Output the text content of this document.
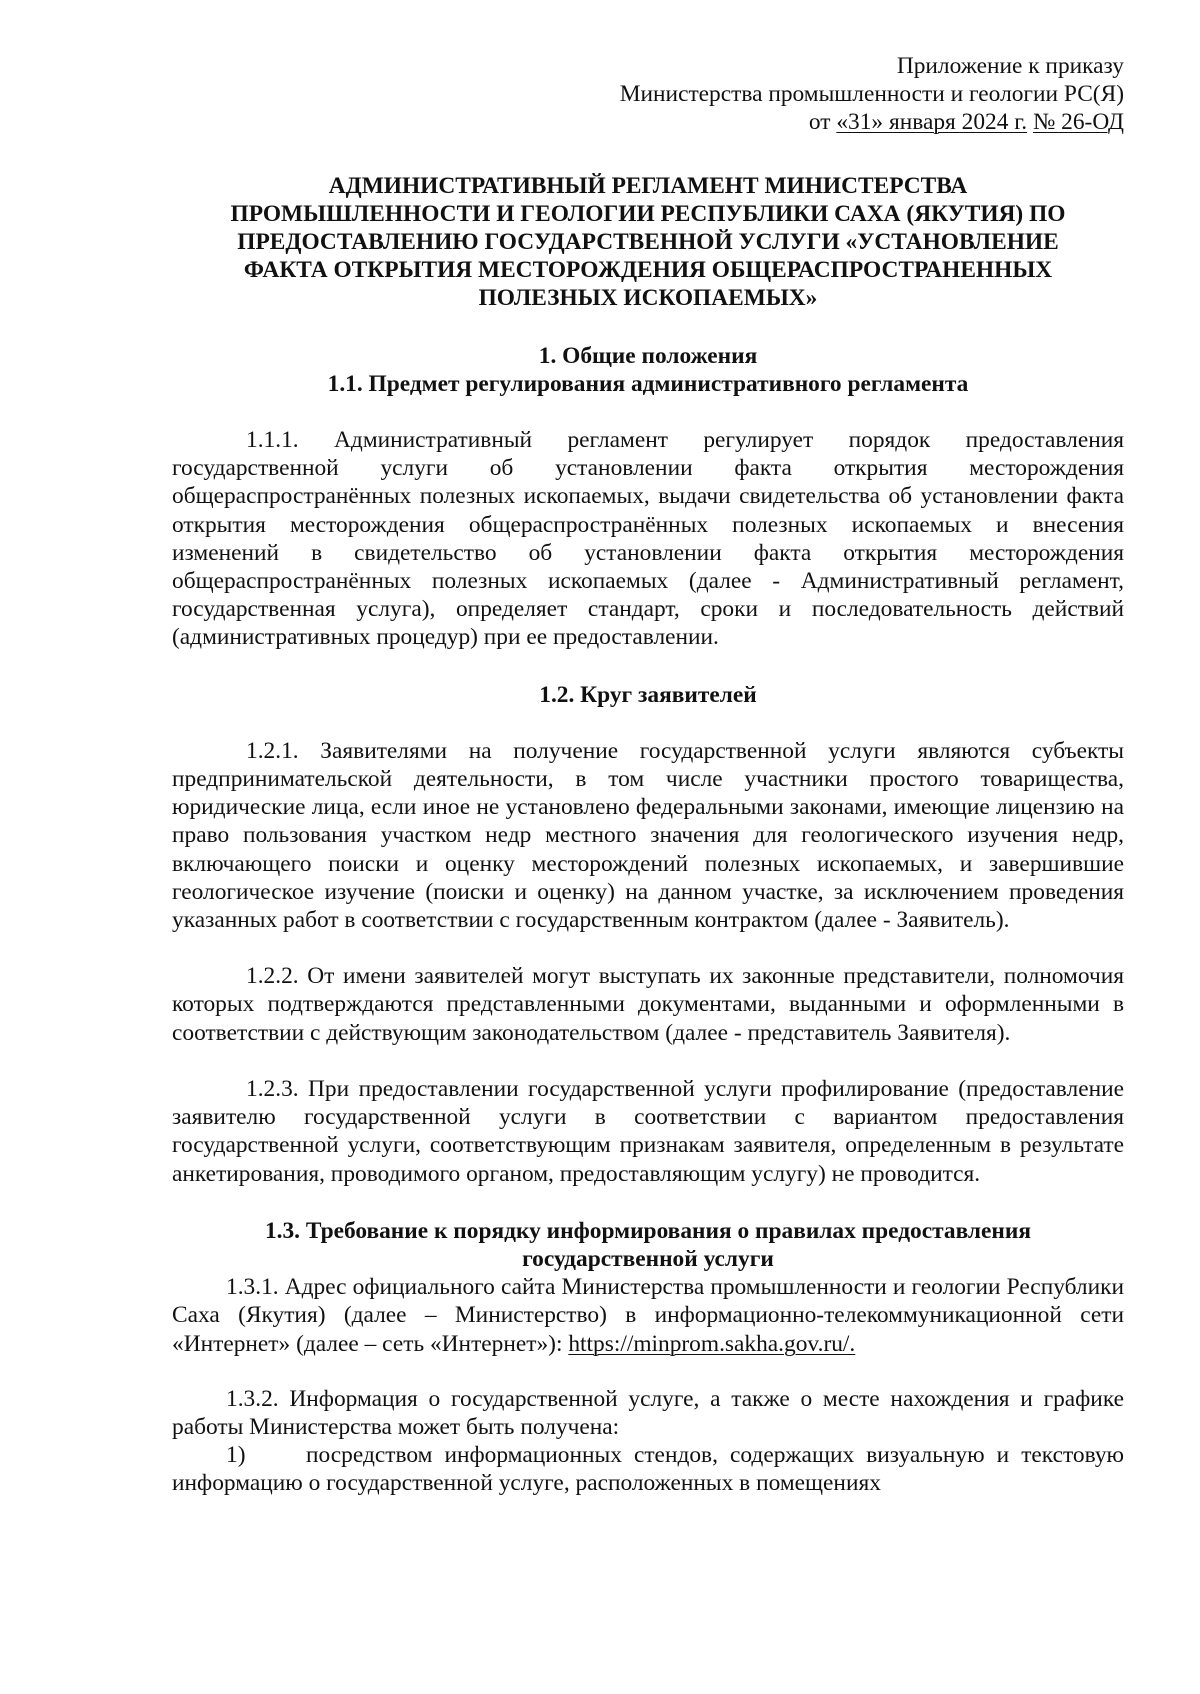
Приложение к приказу
Министерства промышленности и геологии РС(Я)
от «31» января 2024 г. № 26-ОД
АДМИНИСТРАТИВНЫЙ РЕГЛАМЕНТ МИНИСТЕРСТВА ПРОМЫШЛЕННОСТИ И ГЕОЛОГИИ РЕСПУБЛИКИ САХА (ЯКУТИЯ) ПО ПРЕДОСТАВЛЕНИЮ ГОСУДАРСТВЕННОЙ УСЛУГИ «УСТАНОВЛЕНИЕ ФАКТА ОТКРЫТИЯ МЕСТОРОЖДЕНИЯ ОБЩЕРАСПРОСТРАНЕННЫХ ПОЛЕЗНЫХ ИСКОПАЕМЫХ»
1. Общие положения
1.1. Предмет регулирования административного регламента
1.1.1. Административный регламент регулирует порядок предоставления государственной услуги об установлении факта открытия месторождения общераспространённых полезных ископаемых, выдачи свидетельства об установлении факта открытия месторождения общераспространённых полезных ископаемых и внесения изменений в свидетельство об установлении факта открытия месторождения общераспространённых полезных ископаемых (далее - Административный регламент, государственная услуга), определяет стандарт, сроки и последовательность действий (административных процедур) при ее предоставлении.
1.2. Круг заявителей
1.2.1. Заявителями на получение государственной услуги являются субъекты предпринимательской деятельности, в том числе участники простого товарищества, юридические лица, если иное не установлено федеральными законами, имеющие лицензию на право пользования участком недр местного значения для геологического изучения недр, включающего поиски и оценку месторождений полезных ископаемых, и завершившие геологическое изучение (поиски и оценку) на данном участке, за исключением проведения указанных работ в соответствии с государственным контрактом (далее - Заявитель).
1.2.2. От имени заявителей могут выступать их законные представители, полномочия которых подтверждаются представленными документами, выданными и оформленными в соответствии с действующим законодательством (далее - представитель Заявителя).
1.2.3. При предоставлении государственной услуги профилирование (предоставление заявителю государственной услуги в соответствии с вариантом предоставления государственной услуги, соответствующим признакам заявителя, определенным в результате анкетирования, проводимого органом, предоставляющим услугу) не проводится.
1.3. Требование к порядку информирования о правилах предоставления государственной услуги
1.3.1. Адрес официального сайта Министерства промышленности и геологии Республики Саха (Якутия) (далее – Министерство) в информационно-телекоммуникационной сети «Интернет» (далее – сеть «Интернет»): https://minprom.sakha.gov.ru/.
1.3.2. Информация о государственной услуге, а также о месте нахождения и графике работы Министерства может быть получена:
1)	посредством информационных стендов, содержащих визуальную и текстовую информацию о государственной услуге, расположенных в помещениях
